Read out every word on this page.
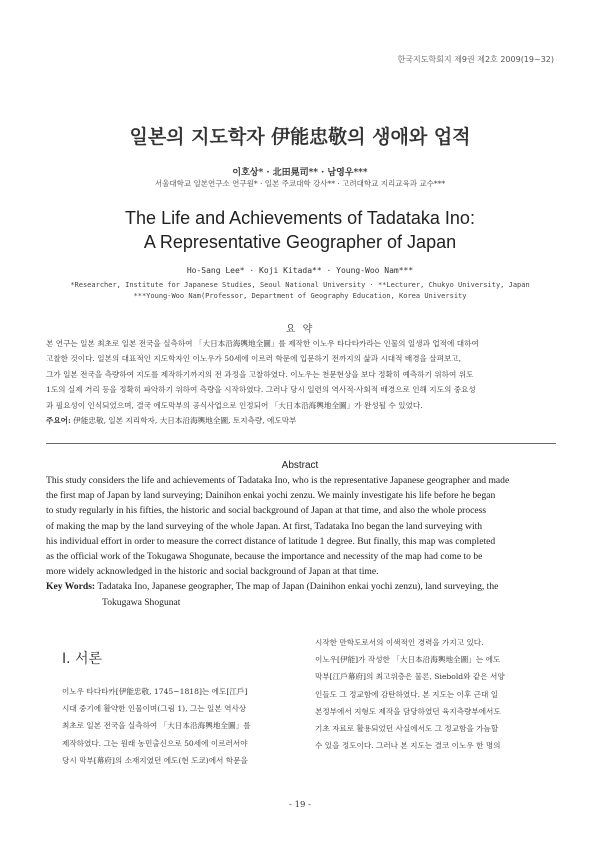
한국지도학회지 제9권 제2호 2009(19~32)
일본의 지도학자 伊能忠敬의 생애와 업적
이호상* · 北田晃司** · 남영우***
서울대학교 일본연구소 연구원* · 일본 주쿄대학 강사** · 고려대학교 지리교육과 교수***
The Life and Achievements of Tadataka Ino:
A Representative Geographer of Japan
Ho-Sang Lee* · Koji Kitada** · Young-Woo Nam***
*Researcher, Institute for Japanese Studies, Seoul National University · **Lecturer, Chukyo University, Japan
***Young-Woo Nam(Professor, Department of Geography Education, Korea University
요 약
본 연구는 일본 최초로 일본 전국을 실측하여 「大日本沿海輿地全圖」를 제작한 이노우 타다타카라는 인물의 일생과 업적에 대하여
고찰한 것이다. 일본의 대표적인 지도학자인 이노우가 50세에 이르러 학문에 입문하기 전까지의 삶과 시대적 배경을 살펴보고,
그가 일본 전국을 측량하여 지도를 제작하기까지의 전 과정을 고찰하였다. 이노우는 천문현상을 보다 정확히 예측하기 위하여 위도
1도의 실제 거리 등을 정확히 파악하기 위하여 측량을 시작하였다. 그러나 당시 일련의 역사적·사회적 배경으로 인해 지도의 중요성
과 필요성이 인식되었으며, 결국 에도막부의 공식사업으로 인정되어 「大日本沿海輿地全圖」가 완성될 수 있었다.
주요어: 伊能忠敬, 일본 지리학자, 大日本沿海輿地全圖, 토지측량, 에도막부
Abstract
This study considers the life and achievements of Tadataka Ino, who is the representative Japanese geographer and made
the first map of Japan by land surveying; Dainihon enkai yochi zenzu. We mainly investigate his life before he began
to study regularly in his fifties, the historic and social background of Japan at that time, and also the whole process
of making the map by the land surveying of the whole Japan. At first, Tadataka Ino began the land surveying with
his individual effort in order to measure the correct distance of latitude 1 degree. But finally, this map was completed
as the official work of the Tokugawa Shogunate, because the importance and necessity of the map had come to be
more widely acknowledged in the historic and social background of Japan at that time.
Key Words: Tadataka Ino, Japanese geographer, The map of Japan (Dainihon enkai yochi zenzu), land surveying, the
Tokugawa Shogunat
I. 서론
이노우 타다타카[伊能忠敬, 1745~1818]는 에도[江戶]
시대 중기에 활약한 인물이며(그림 1), 그는 일본 역사상
최초로 일본 전국을 실측하여 「大日本沿海輿地全圖」를
제작하였다. 그는 원래 농민출신으로 50세에 이르러서야
당시 막부[幕府]의 소재지였던 에도(현 도쿄)에서 학문을
시작한 만학도로서의 이색적인 경력을 가지고 있다.
이노우[伊能]가 작성한 「大日本沿海輿地全圖」는 에도
막부[江戶幕府]의 최고위층은 물론, Siebold와 같은 서양
인들도 그 정교함에 감탄하였다. 본 지도는 이후 근대 일
본정부에서 지형도 제작을 담당하였던 육지측량부에서도
기초 자료로 활용되었던 사실에서도 그 정교함을 가늠할
수 있을 정도이다. 그러나 본 지도는 결코 이노우 한 명의
- 19 -
